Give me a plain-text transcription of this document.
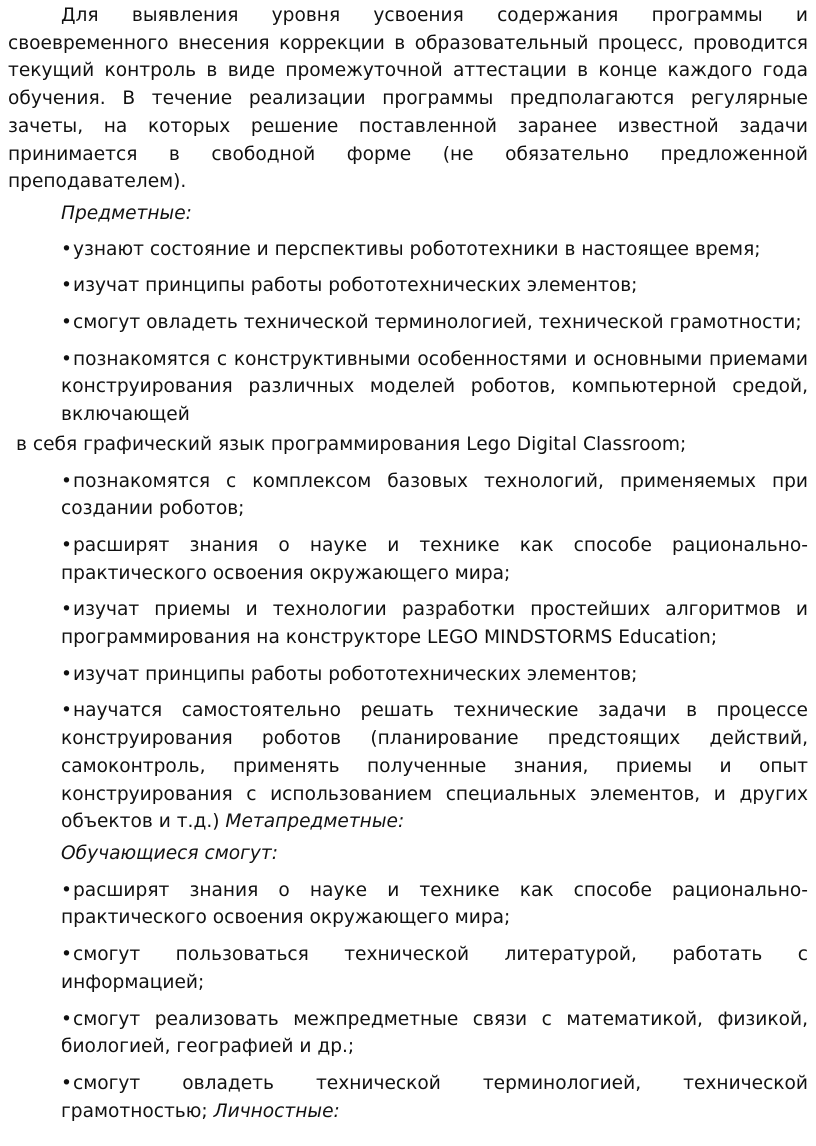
Для выявления уровня усвоения содержания программы и своевременного внесения коррекции в образовательный процесс, проводится текущий контроль в виде промежуточной аттестации в конце каждого года обучения. В течение реализации программы предполагаются регулярные зачеты, на которых решение поставленной заранее известной задачи принимается в свободной форме (не обязательно предложенной преподавателем).

Предметные:

•узнают состояние и перспективы робототехники в настоящее время;

•изучат принципы работы робототехнических элементов;

•смогут овладеть технической терминологией, технической грамотности;

•познакомятся с конструктивными особенностями и основными приемами конструирования различных моделей роботов, компьютерной средой, включающей

в себя графический язык программирования Lego Digital Classroom;

•познакомятся с комплексом базовых технологий, применяемых при создании роботов;

•расширят знания о науке и технике как способе рационально-практического освоения окружающего мира;

•изучат приемы и технологии разработки простейших алгоритмов и программирования на конструкторе LEGO MINDSTORMS Education;

•изучат принципы работы робототехнических элементов;

•научатся самостоятельно решать технические задачи в процессе конструирования роботов (планирование предстоящих действий, самоконтроль, применять полученные знания, приемы и опыт конструирования с использованием специальных элементов, и других объектов и т.д.) Метапредметные:

Обучающиеся смогут:

•расширят знания о науке и технике как способе рационально-практического освоения окружающего мира;

•смогут пользоваться технической литературой, работать с информацией;

•смогут реализовать межпредметные связи с математикой, физикой, биологией, географией и др.;

•смогут овладеть технической терминологией, технической грамотностью; Личностные:
